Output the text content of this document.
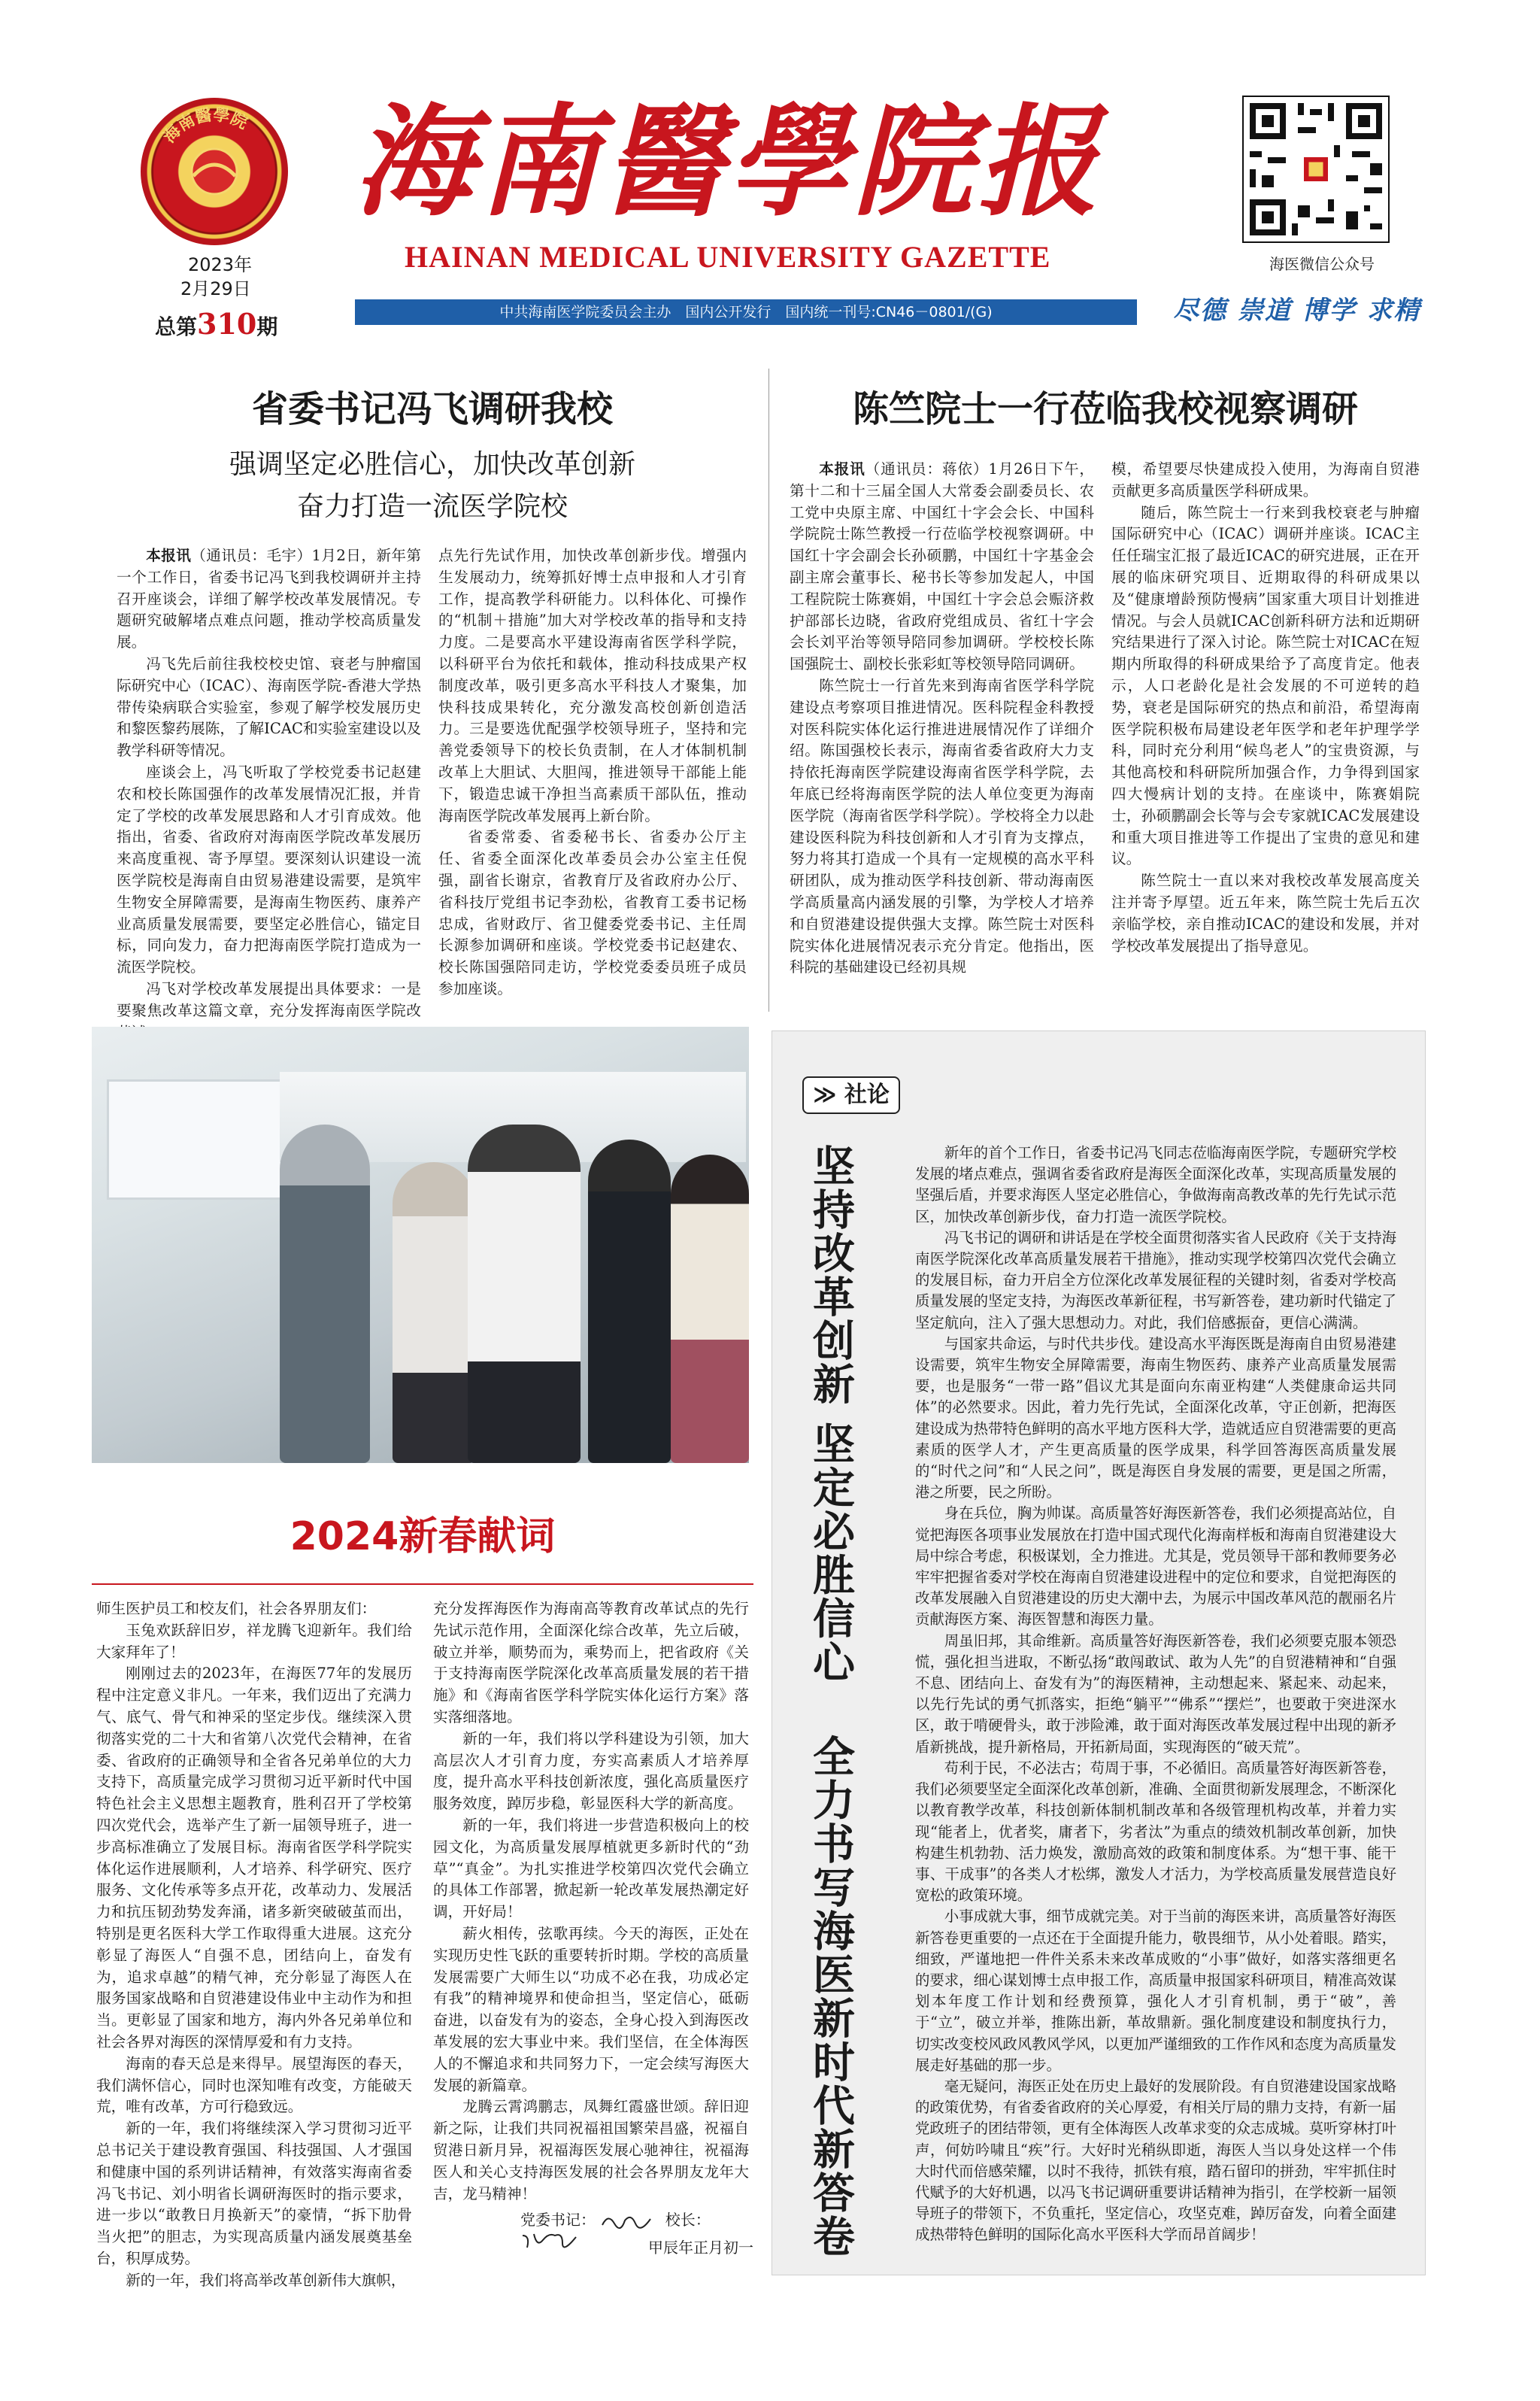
海南醫學院
2023年
2月29日
总第310期
海南醫學院报
HAINAN MEDICAL UNIVERSITY GAZETTE
中共海南医学院委员会主办　国内公开发行　国内统一刊号:CN46－0801/(G)
海医微信公众号
尽德 崇道 博学 求精
省委书记冯飞调研我校
强调坚定必胜信心，加快改革创新
奋力打造一流医学院校

本报讯（通讯员：毛宇）1月2日，新年第一个工作日，省委书记冯飞到我校调研并主持召开座谈会，详细了解学校改革发展情况。专题研究破解堵点难点问题，推动学校高质量发展。

冯飞先后前往我校校史馆、衰老与肿瘤国际研究中心（ICAC）、海南医学院-香港大学热带传染病联合实验室，参观了解学校发展历史和黎医黎药展陈，了解ICAC和实验室建设以及教学科研等情况。

座谈会上，冯飞听取了学校党委书记赵建农和校长陈国强作的改革发展情况汇报，并肯定了学校的改革发展思路和人才引育成效。他指出，省委、省政府对海南医学院改革发展历来高度重视、寄予厚望。要深刻认识建设一流医学院校是海南自由贸易港建设需要，是筑牢生物安全屏障需要，是海南生物医药、康养产业高质量发展需要，要坚定必胜信心，锚定目标，同向发力，奋力把海南医学院打造成为一流医学院校。

冯飞对学校改革发展提出具体要求：一是要聚焦改革这篇文章，充分发挥海南医学院改

点先行先试作用，加快改革创新步伐。增强内生发展动力，统筹抓好博士点申报和人才引育工作，提高教学科研能力。以科体化、可操作的“机制＋措施”加大对学校改革的指导和支持力度。二是要高水平建设海南省医学科学院，以科研平台为依托和载体，推动科技成果产权制度改革，吸引更多高水平科技人才聚集，加快科技成果转化，充分激发高校创新创造活力。三是要选优配强学校领导班子，坚持和完善党委领导下的校长负责制，在人才体制机制改革上大胆试、大胆闯，推进领导干部能上能下，锻造忠诚干净担当高素质干部队伍，推动海南医学院改革发展再上新台阶。

省委常委、省委秘书长、省委办公厅主任、省委全面深化改革委员会办公室主任倪强，副省长谢京，省教育厅及省政府办公厅、省科技厅党组书记李劲松，省教育工委书记杨忠成，省财政厅、省卫健委党委书记、主任周长源参加调研和座谈。学校党委书记赵建农、校长陈国强陪同走访，学校党委委员班子成员参加座谈。

陈竺院士一行莅临我校视察调研

本报讯（通讯员：蒋依）1月26日下午，第十二和十三届全国人大常委会副委员长、农工党中央原主席、中国红十字会会长、中国科学院院士陈竺教授一行莅临学校视察调研。中国红十字会副会长孙硕鹏，中国红十字基金会副主席会董事长、秘书长等参加发起人，中国工程院院士陈赛娟，中国红十字会总会赈济救护部部长边晓，省政府党组成员、省红十字会会长刘平治等领导陪同参加调研。学校校长陈国强院士、副校长张彩虹等校领导陪同调研。

陈竺院士一行首先来到海南省医学科学院建设点考察项目推进情况。医科院程金科教授对医科院实体化运行推进进展情况作了详细介绍。陈国强校长表示，海南省委省政府大力支持依托海南医学院建设海南省医学科学院，去年底已经将海南医学院的法人单位变更为海南医学院（海南省医学科学院）。学校将全力以赴建设医科院为科技创新和人才引育为支撑点，努力将其打造成一个具有一定规模的高水平科研团队，成为推动医学科技创新、带动海南医学高质量高内涵发展的引擎，为学校人才培养和自贸港建设提供强大支撑。陈竺院士对医科院实体化进展情况表示充分肯定。他指出，医科院的基础建设已经初具规

模，希望要尽快建成投入使用，为海南自贸港贡献更多高质量医学科研成果。

随后，陈竺院士一行来到我校衰老与肿瘤国际研究中心（ICAC）调研并座谈。ICAC主任任瑞宝汇报了最近ICAC的研究进展，正在开展的临床研究项目、近期取得的科研成果以及“健康增龄预防慢病”国家重大项目计划推进情况。与会人员就ICAC创新科研方法和近期研究结果进行了深入讨论。陈竺院士对ICAC在短期内所取得的科研成果给予了高度肯定。他表示，人口老龄化是社会发展的不可逆转的趋势，衰老是国际研究的热点和前沿，希望海南医学院积极布局建设老年医学和老年护理学学科，同时充分利用“候鸟老人”的宝贵资源，与其他高校和科研院所加强合作，力争得到国家四大慢病计划的支持。在座谈中，陈赛娟院士，孙硕鹏副会长等与会专家就ICAC发展建设和重大项目推进等工作提出了宝贵的意见和建议。

陈竺院士一直以来对我校改革发展高度关注并寄予厚望。近五年来，陈竺院士先后五次亲临学校，亲自推动ICAC的建设和发展，并对学校改革发展提出了指导意见。

2024新春献词

师生医护员工和校友们，社会各界朋友们：

玉兔欢跃辞旧岁，祥龙腾飞迎新年。我们给大家拜年了！

刚刚过去的2023年，在海医77年的发展历程中注定意义非凡。一年来，我们迈出了充满力气、底气、骨气和神采的坚定步伐。继续深入贯彻落实党的二十大和省第八次党代会精神，在省委、省政府的正确领导和全省各兄弟单位的大力支持下，高质量完成学习贯彻习近平新时代中国特色社会主义思想主题教育，胜利召开了学校第四次党代会，选举产生了新一届领导班子，进一步高标准确立了发展目标。海南省医学科学院实体化运作进展顺利，人才培养、科学研究、医疗服务、文化传承等多点开花，改革动力、发展活力和抗压韧劲势发奔涌，诸多新突破破茧而出，特别是更名医科大学工作取得重大进展。这充分彰显了海医人“自强不息，团结向上，奋发有为，追求卓越”的精气神，充分彰显了海医人在服务国家战略和自贸港建设伟业中主动作为和担当。更彰显了国家和地方，海内外各兄弟单位和社会各界对海医的深情厚爱和有力支持。

海南的春天总是来得早。展望海医的春天，我们满怀信心，同时也深知唯有改变，方能破天荒，唯有改革，方可行稳致远。

新的一年，我们将继续深入学习贯彻习近平总书记关于建设教育强国、科技强国、人才强国和健康中国的系列讲话精神，有效落实海南省委冯飞书记、刘小明省长调研海医时的指示要求，进一步以“敢教日月换新天”的豪情，“拆下肋骨当火把”的胆志，为实现高质量内涵发展奠基垒台，积厚成势。

新的一年，我们将高举改革创新伟大旗帜，

充分发挥海医作为海南高等教育改革试点的先行先试示范作用，全面深化综合改革，先立后破，破立并举，顺势而为，乘势而上，把省政府《关于支持海南医学院深化改革高质量发展的若干措施》和《海南省医学科学院实体化运行方案》落实落细落地。

新的一年，我们将以学科建设为引领，加大高层次人才引育力度，夯实高素质人才培养厚度，提升高水平科技创新浓度，强化高质量医疗服务效度，踔厉步稳，彰显医科大学的新高度。

新的一年，我们将进一步营造积极向上的校园文化，为高质量发展厚植就更多新时代的“劲草”“真金”。为扎实推进学校第四次党代会确立的具体工作部署，掀起新一轮改革发展热潮定好调，开好局！

薪火相传，弦歌再续。今天的海医，正处在实现历史性飞跃的重要转折时期。学校的高质量发展需要广大师生以“功成不必在我，功成必定有我”的精神境界和使命担当，坚定信心，砥砺奋进，以奋发有为的姿态，全身心投入到海医改革发展的宏大事业中来。我们坚信，在全体海医人的不懈追求和共同努力下，一定会续写海医大发展的新篇章。

龙腾云霄鸿鹏志，凤舞红霞盛世颂。辞旧迎新之际，让我们共同祝福祖国繁荣昌盛，祝福自贸港日新月异，祝福海医发展心驰神往，祝福海医人和关心支持海医发展的社会各界朋友龙年大吉，龙马精神！

党委书记：	校长：
甲辰年正月初一
≫ 社论
坚持改革创新 坚定必胜信心
全力书写海医新时代新答卷

新年的首个工作日，省委书记冯飞同志莅临海南医学院，专题研究学校发展的堵点难点，强调省委省政府是海医全面深化改革，实现高质量发展的坚强后盾，并要求海医人坚定必胜信心，争做海南高教改革的先行先试示范区，加快改革创新步伐，奋力打造一流医学院校。

冯飞书记的调研和讲话是在学校全面贯彻落实省人民政府《关于支持海南医学院深化改革高质量发展若干措施》，推动实现学校第四次党代会确立的发展目标，奋力开启全方位深化改革发展征程的关键时刻，省委对学校高质量发展的坚定支持，为海医改革新征程，书写新答卷，建功新时代锚定了坚定航向，注入了强大思想动力。对此，我们倍感振奋，更信心满满。

与国家共命运，与时代共步伐。建设高水平海医既是海南自由贸易港建设需要，筑牢生物安全屏障需要，海南生物医药、康养产业高质量发展需要，也是服务“一带一路”倡议尤其是面向东南亚构建“人类健康命运共同体”的必然要求。因此，着力先行先试，全面深化改革，守正创新，把海医建设成为热带特色鲜明的高水平地方医科大学，造就适应自贸港需要的更高素质的医学人才，产生更高质量的医学成果，科学回答海医高质量发展的“时代之问”和“人民之问”，既是海医自身发展的需要，更是国之所需，港之所要，民之所盼。

身在兵位，胸为帅谋。高质量答好海医新答卷，我们必须提高站位，自觉把海医各项事业发展放在打造中国式现代化海南样板和海南自贸港建设大局中综合考虑，积极谋划，全力推进。尤其是，党员领导干部和教师要务必牢牢把握省委对学校在海南自贸港建设进程中的定位和要求，自觉把海医的改革发展融入自贸港建设的历史大潮中去，为展示中国改革风范的靓丽名片贡献海医方案、海医智慧和海医力量。

周虽旧邦，其命维新。高质量答好海医新答卷，我们必须要克服本领恐慌，强化担当进取，不断弘扬“敢闯敢试、敢为人先”的自贸港精神和“自强不息、团结向上、奋发有为”的海医精神，主动想起来、紧起来、动起来，以先行先试的勇气抓落实，拒绝“躺平”“佛系”“摆烂”，也要敢于突进深水区，敢于啃硬骨头，敢于涉险滩，敢于面对海医改革发展过程中出现的新矛盾新挑战，提升新格局，开拓新局面，实现海医的“破天荒”。

苟利于民，不必法古；苟周于事，不必循旧。高质量答好海医新答卷，我们必须要坚定全面深化改革创新，准确、全面贯彻新发展理念，不断深化以教育教学改革，科技创新体制机制改革和各级管理机构改革，并着力实现“能者上，优者奖，庸者下，劣者汰”为重点的绩效机制改革创新，加快构建生机勃勃、活力焕发，激励高效的政策和制度体系。为“想干事、能干事、干成事”的各类人才松绑，激发人才活力，为学校高质量发展营造良好宽松的政策环境。

小事成就大事，细节成就完美。对于当前的海医来讲，高质量答好海医新答卷更重要的一点还在于全面提升能力，敬畏细节，从小处着眼。踏实，细致，严谨地把一件件关系未来改革成败的“小事”做好，如落实落细更名的要求，细心谋划博士点申报工作，高质量申报国家科研项目，精准高效谋划本年度工作计划和经费预算，强化人才引育机制，勇于“破”，善于“立”，破立并举，推陈出新，革故鼎新。强化制度建设和制度执行力，切实改变校风政风教风学风，以更加严谨细致的工作作风和态度为高质量发展走好基础的那一步。

毫无疑问，海医正处在历史上最好的发展阶段。有自贸港建设国家战略的政策优势，有省委省政府的关心厚爱，有相关厅局的鼎力支持，有新一届党政班子的团结带领，更有全体海医人改革求变的众志成城。莫听穿林打叶声，何妨吟啸且“疾”行。大好时光稍纵即逝，海医人当以身处这样一个伟大时代而倍感荣耀，以时不我待，抓铁有痕，踏石留印的拼劲，牢牢抓住时代赋予的大好机遇，以冯飞书记调研重要讲话精神为指引，在学校新一届领导班子的带领下，不负重托，坚定信心，攻坚克难，踔厉奋发，向着全面建成热带特色鲜明的国际化高水平医科大学而昂首阔步！
